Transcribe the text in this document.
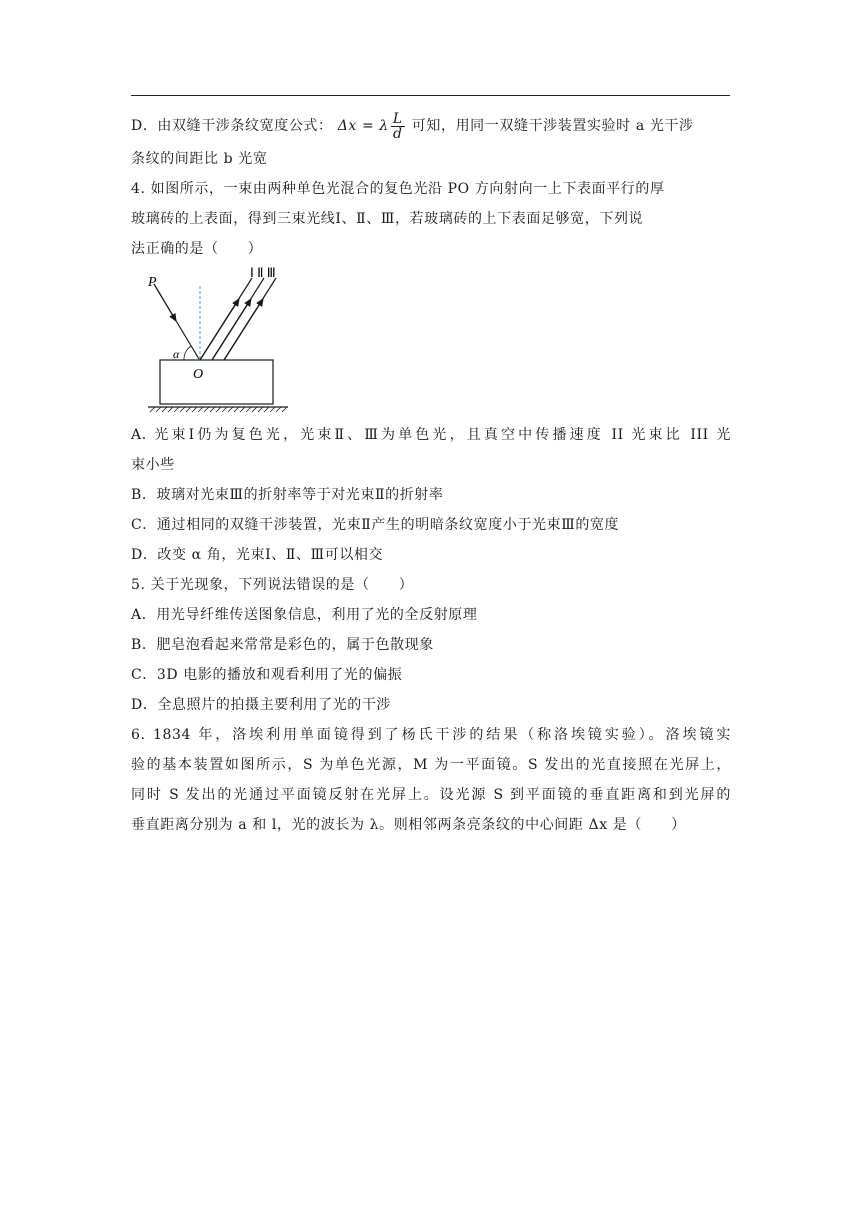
D．由双缝干涉条纹宽度公式： Δx = λ $\frac{L}{d}$ 可知，用同一双缝干涉装置实验时 a 光干涉
条纹的间距比 b 光宽
4. 如图所示，一束由两种单色光混合的复色光沿 PO 方向射向一上下表面平行的厚
玻璃砖的上表面，得到三束光线Ⅰ、Ⅱ、Ⅲ，若玻璃砖的上下表面足够宽，下列说
法正确的是（　　）
P
α
O
Ⅰ Ⅱ Ⅲ
A. 光束Ⅰ仍为复色光，光束Ⅱ、Ⅲ为单色光，且真空中传播速度 II 光束比 III 光
束小些
B．玻璃对光束Ⅲ的折射率等于对光束Ⅱ的折射率
C．通过相同的双缝干涉装置，光束Ⅱ产生的明暗条纹宽度小于光束Ⅲ的宽度
D．改变 α 角，光束Ⅰ、Ⅱ、Ⅲ可以相交
5. 关于光现象，下列说法错误的是（　　）
A．用光导纤维传送图象信息，利用了光的全反射原理
B．肥皂泡看起来常常是彩色的，属于色散现象
C．3D 电影的播放和观看利用了光的偏振
D．全息照片的拍摄主要利用了光的干涉
6. 1834 年，洛埃利用单面镜得到了杨氏干涉的结果（称洛埃镜实验）。洛埃镜实
验的基本装置如图所示，S 为单色光源，M 为一平面镜。S 发出的光直接照在光屏上，
同时 S 发出的光通过平面镜反射在光屏上。设光源 S 到平面镜的垂直距离和到光屏的
垂直距离分别为 a 和 l，光的波长为 λ。则相邻两条亮条纹的中心间距 Δx 是（　　）
